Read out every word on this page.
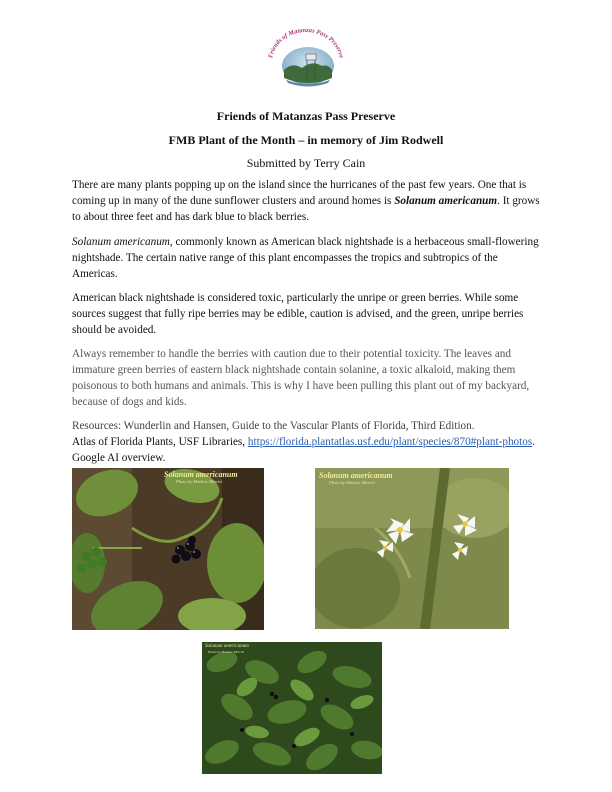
Friends of Matanzas Pass Preserve
Friends of Matanzas Pass Preserve
FMB Plant of the Month – in memory of Jim Rodwell
Submitted by Terry Cain

There are many plants popping up on the island since the hurricanes of the past few years. One that is coming up in many of the dune sunflower clusters and around homes is Solanum americanum. It grows to about three feet and has dark blue to black berries.

Solanum americanum, commonly known as American black nightshade is a herbaceous small-flowering nightshade. The certain native range of this plant encompasses the tropics and subtropics of the Americas.

American black nightshade is considered toxic, particularly the unripe or green berries. While some sources suggest that fully ripe berries may be edible, caution is advised, and the green, unripe berries should be avoided.

Always remember to handle the berries with caution due to their potential toxicity. The leaves and immature green berries of eastern black nightshade contain solanine, a toxic alkaloid, making them poisonous to both humans and animals. This is why I have been pulling this plant out of my backyard, because of dogs and kids.

Resources: Wunderlin and Hansen, Guide to the Vascular Plants of Florida, Third Edition.
Atlas of Florida Plants, USF Libraries, https://florida.plantatlas.usf.edu/plant/species/870#plant-photos. Google AI overview.

Solanum americanum
Photo by Mathew Merritt
Solanum americanum
Photo by Mathew Merritt
Solanum americanum
Photo by Mathew Merritt
